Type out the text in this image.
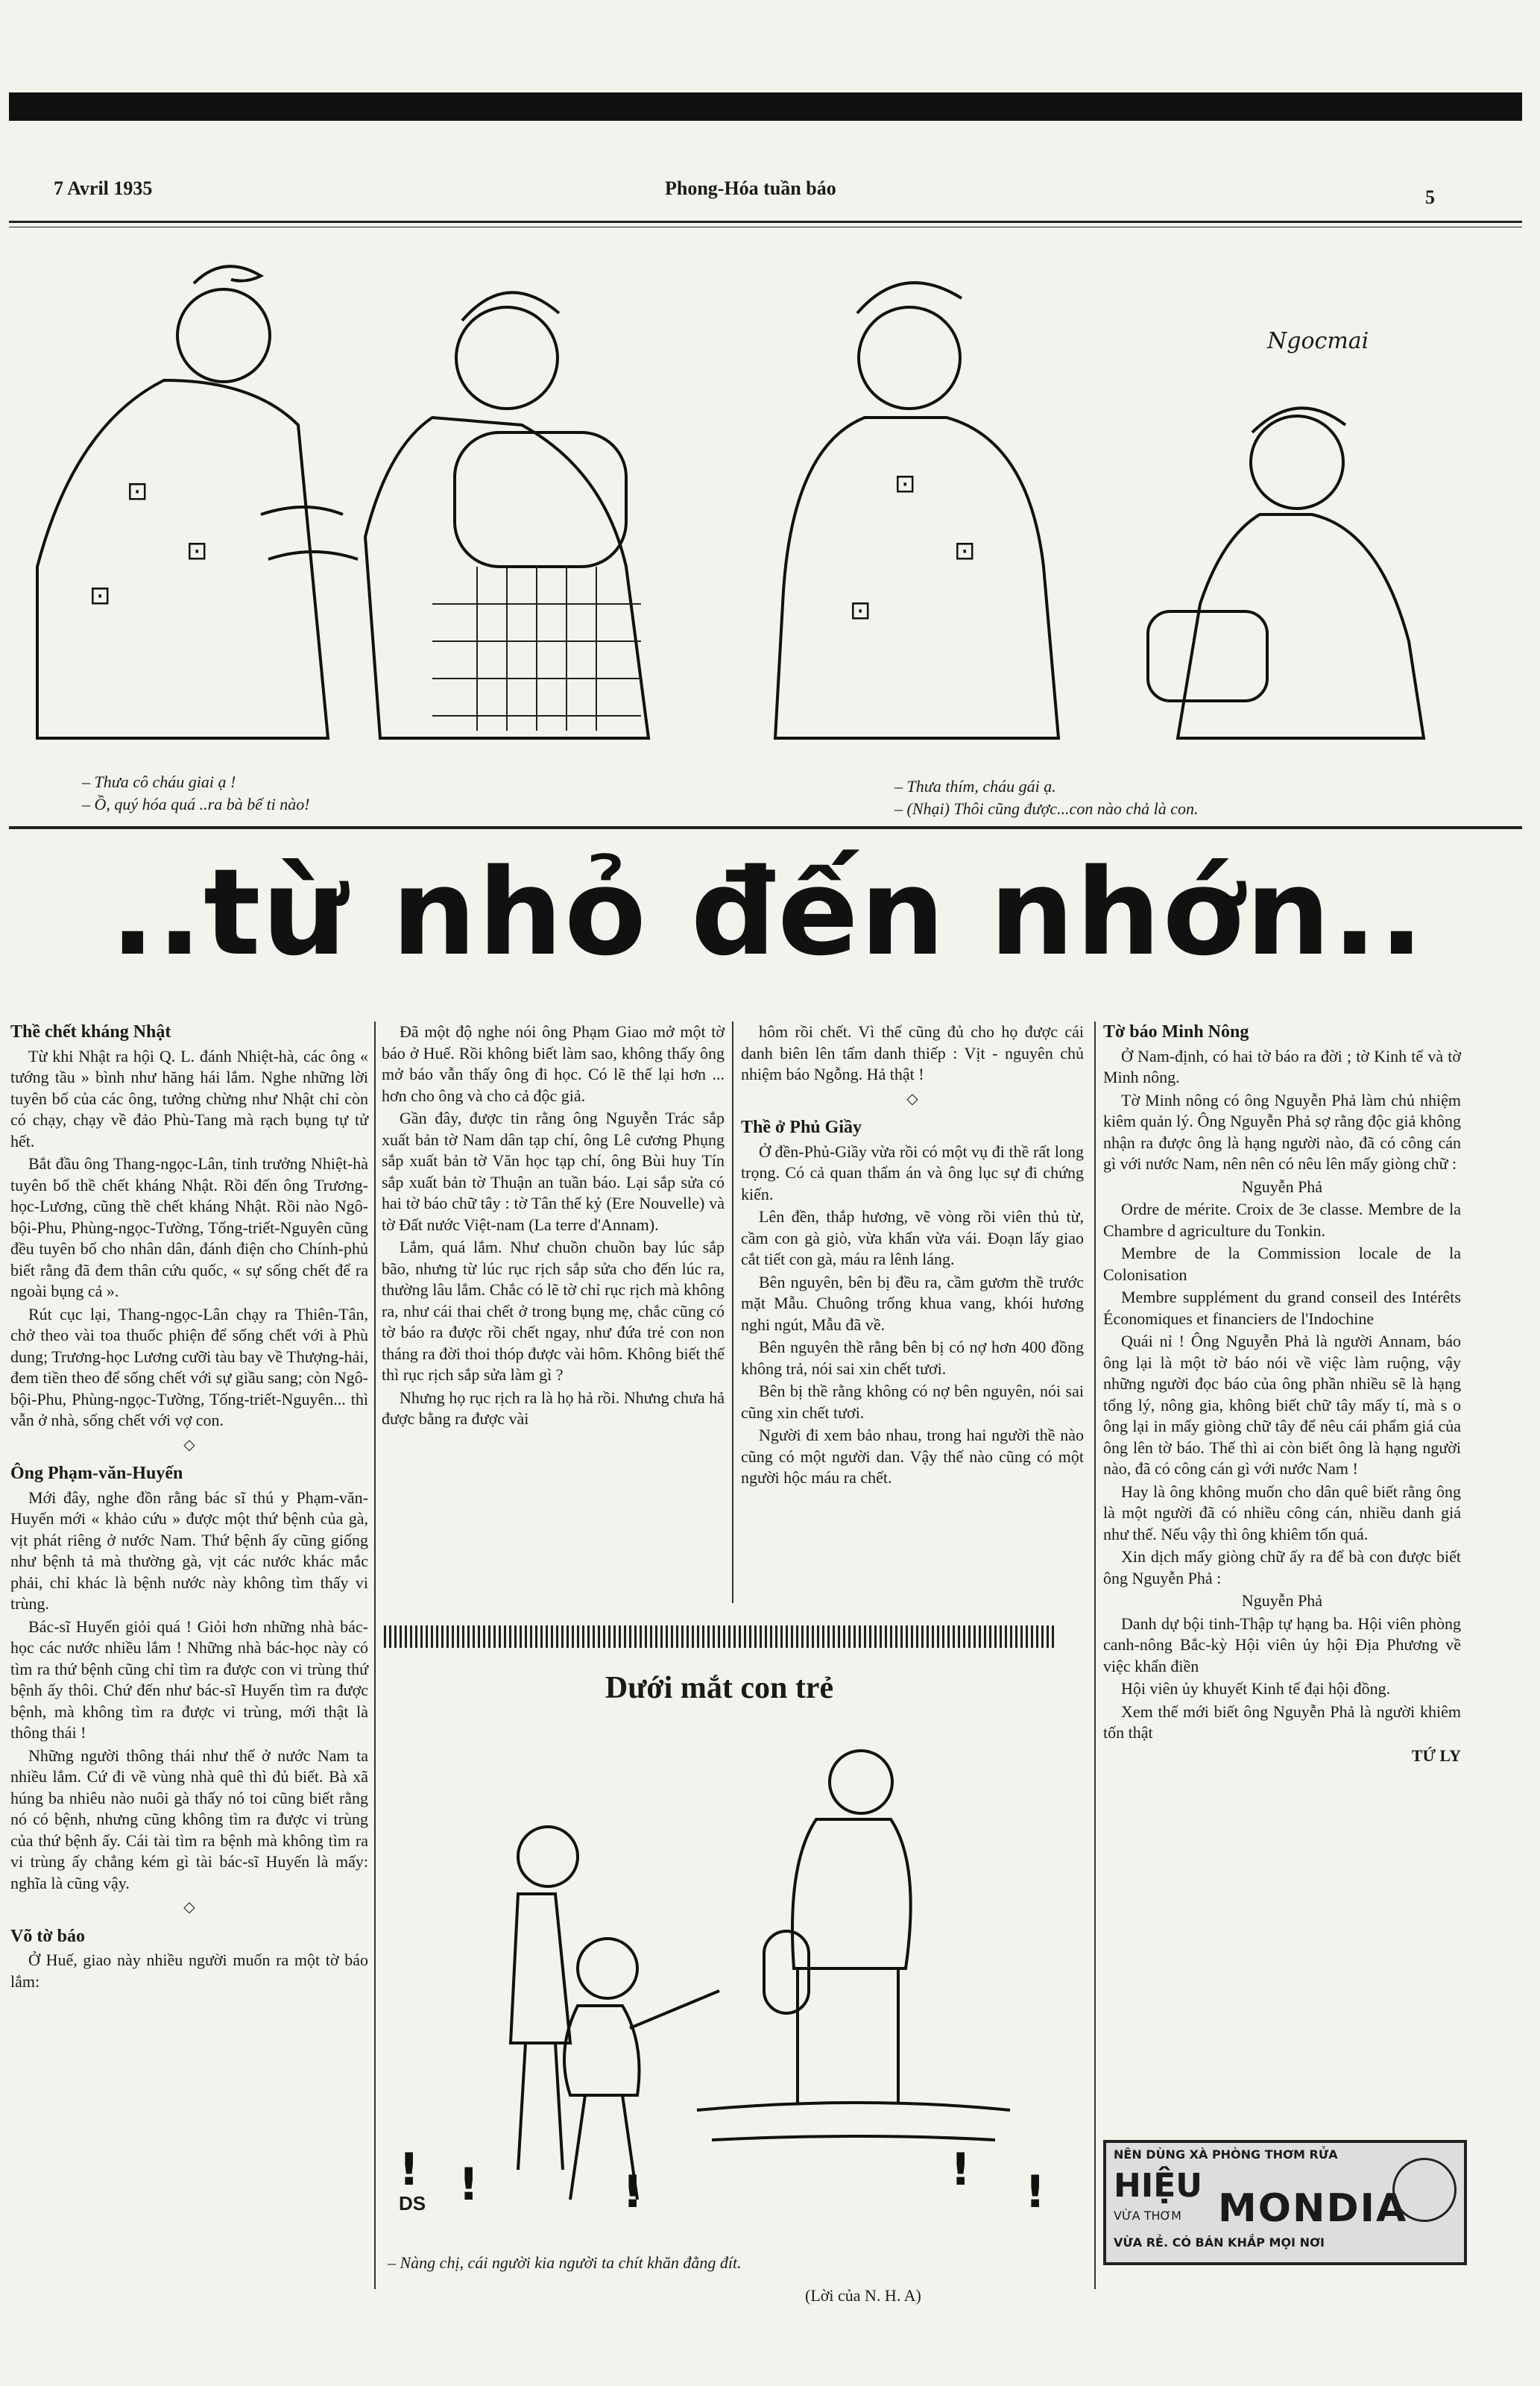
7 Avril 1935	Phong-Hóa tuần báo	5
⊡
⊡
⊡
⊡
⊡
⊡
Ngocmai
– Thưa cô cháu giai ạ !
– Ồ, quý hóa quá ..ra bà bế ti nào!
– Thưa thím, cháu gái ạ.
– (Nhại) Thôi cũng được...con nào chả là con.
..từ nhỏ đến nhớn..
Thề chết kháng Nhật

Từ khi Nhật ra hội Q. L. đánh Nhiệt-hà, các ông « tướng tầu » bình như hăng hái lắm. Nghe những lời tuyên bố của các ông, tưởng chừng như Nhật chỉ còn có chạy, chạy về đảo Phù-Tang mà rạch bụng tự tử hết.

Bắt đầu ông Thang-ngọc-Lân, tỉnh trưởng Nhiệt-hà tuyên bố thề chết kháng Nhật. Rồi đến ông Trương-học-Lương, cũng thề chết kháng Nhật. Rồi nào Ngô-bội-Phu, Phùng-ngọc-Tường, Tống-triết-Nguyên cũng đều tuyên bố cho nhân dân, đánh điện cho Chính-phủ biết rằng đã đem thân cứu quốc, « sự sống chết để ra ngoài bụng cả ».

Rút cục lại, Thang-ngọc-Lân chạy ra Thiên-Tân, chở theo vài toa thuốc phiện để sống chết với à Phù dung; Trương-học Lương cưỡi tàu bay về Thượng-hải, đem tiền theo để sống chết với sự giầu sang; còn Ngô-bội-Phu, Phùng-ngọc-Tường, Tống-triết-Nguyên... thì vẫn ở nhà, sống chết với vợ con.

◇
Ông Phạm-văn-Huyến

Mới đây, nghe đồn rằng bác sĩ thú y Phạm-văn-Huyến mới « khảo cứu » được một thứ bệnh của gà, vịt phát riêng ở nước Nam. Thứ bệnh ấy cũng giống như bệnh tả mà thường gà, vịt các nước khác mắc phải, chỉ khác là bệnh nước này không tìm thấy vi trùng.

Bác-sĩ Huyến giỏi quá ! Giỏi hơn những nhà bác-học các nước nhiều lắm ! Những nhà bác-học này có tìm ra thứ bệnh cũng chỉ tìm ra được con vi trùng thứ bệnh ấy thôi. Chứ đến như bác-sĩ Huyến tìm ra được bệnh, mà không tìm ra được vi trùng, mới thật là thông thái !

Những người thông thái như thế ở nước Nam ta nhiều lắm. Cứ đi về vùng nhà quê thì đủ biết. Bà xã húng ba nhiêu nào nuôi gà thấy nó toi cũng biết rằng nó có bệnh, nhưng cũng không tìm ra được vi trùng của thứ bệnh ấy. Cái tài tìm ra bệnh mà không tìm ra vi trùng ấy chẳng kém gì tài bác-sĩ Huyến là mấy: nghĩa là cũng vậy.

◇
Võ tờ báo

Ở Huế, giao này nhiều người muốn ra một tờ báo lắm:

Đã một độ nghe nói ông Phạm Giao mở một tờ báo ở Huế. Rồi không biết làm sao, không thấy ông mở báo vẫn thấy ông đi học. Có lẽ thế lại hơn ... hơn cho ông và cho cả độc giả.

Gần đây, được tin rằng ông Nguyễn Trác sắp xuất bản tờ Nam dân tạp chí, ông Lê cương Phụng sắp xuất bản tờ Văn học tạp chí, ông Bùi huy Tín sắp xuất bản tờ Thuận an tuần báo. Lại sắp sửa có hai tờ báo chữ tây : tờ Tân thế kỷ (Ere Nouvelle) và tờ Đất nước Việt-nam (La terre d'Annam).

Lắm, quá lắm. Như chuồn chuồn bay lúc sắp bão, nhưng từ lúc rục rịch sắp sửa cho đến lúc ra, thường lâu lắm. Chắc có lẽ tờ chỉ rục rịch mà không ra, như cái thai chết ở trong bụng mẹ, chắc cũng có tờ báo ra được rồi chết ngay, như đứa trẻ con non tháng ra đời thoi thóp được vài hôm. Không biết thế thì rục rịch sắp sửa làm gì ?

Nhưng họ rục rịch ra là họ hả rồi. Nhưng chưa hả được bằng ra được vài

hôm rồi chết. Vì thế cũng đủ cho họ được cái danh biên lên tấm danh thiếp : Vịt - nguyên chủ nhiệm báo Ngỗng. Hả thật !

◇
Thề ở Phủ Giầy

Ở đền-Phủ-Giầy vừa rồi có một vụ đi thề rất long trọng. Có cả quan thẩm án và ông lục sự đi chứng kiến.

Lên đền, thắp hương, vẽ vòng rồi viên thủ từ, cầm con gà giò, vừa khấn vừa vái. Đoạn lấy giao cắt tiết con gà, máu ra lênh láng.

Bên nguyên, bên bị đều ra, cầm gươm thề trước mặt Mẫu. Chuông trống khua vang, khói hương nghi ngút, Mẫu đã về.

Bên nguyên thề rằng bên bị có nợ hơn 400 đồng không trả, nói sai xin chết tươi.

Bên bị thề rằng không có nợ bên nguyên, nói sai cũng xin chết tươi.

Người đi xem bảo nhau, trong hai người thề nào cũng có một người dan. Vậy thế nào cũng có một người hộc máu ra chết.

Tờ báo Minh Nông

Ở Nam-định, có hai tờ báo ra đời ; tờ Kinh tế và tờ Minh nông.

Tờ Minh nông có ông Nguyễn Phả làm chủ nhiệm kiêm quản lý. Ông Nguyễn Phả sợ rằng độc giả không nhận ra được ông là hạng người nào, đã có công cán gì với nước Nam, nên nên có nêu lên mấy giòng chữ :

Nguyễn Phả

Ordre de mérite. Croix de 3e classe. Membre de la Chambre d agriculture du Tonkin.

Membre de la Commission locale de la Colonisation

Membre supplément du grand conseil des Intérêts Économiques et financiers de l'Indochine

Quái nỉ ! Ông Nguyễn Phả là người Annam, báo ông lại là một tờ báo nói về việc làm ruộng, vậy những người đọc báo của ông phần nhiều sẽ là hạng tổng lý, nông gia, không biết chữ tây mấy tí, mà s o ông lại in mấy giòng chữ tây để nêu cái phẩm giá của ông lên tờ báo. Thế thì ai còn biết ông là hạng người nào, đã có công cán gì với nước Nam !

Hay là ông không muốn cho dân quê biết rằng ông là một người đã có nhiều công cán, nhiều danh giá như thế. Nếu vậy thì ông khiêm tốn quá.

Xin dịch mấy giòng chữ ấy ra để bà con được biết ông Nguyễn Phả :

Nguyễn Phả

Danh dự bội tinh-Thập tự hạng ba. Hội viên phòng canh-nông Bắc-kỳ Hội viên ủy hội Địa Phương về việc khẩn điền

Hội viên ủy khuyết Kinh tế đại hội đồng.

Xem thế mới biết ông Nguyễn Phả là người khiêm tốn thật

TỨ LY

Dưới mắt con trẻ
! !	!	! !
DS
– Nàng chị, cái người kia người ta chít khăn đằng đít.
(Lời của N. H. A)
NÊN DÙNG XÀ PHÒNG THƠM RỬA
HIỆU
MONDIA
VỪA THƠM
VỪA RẺ. CÓ BÁN KHẮP MỌI NƠI
